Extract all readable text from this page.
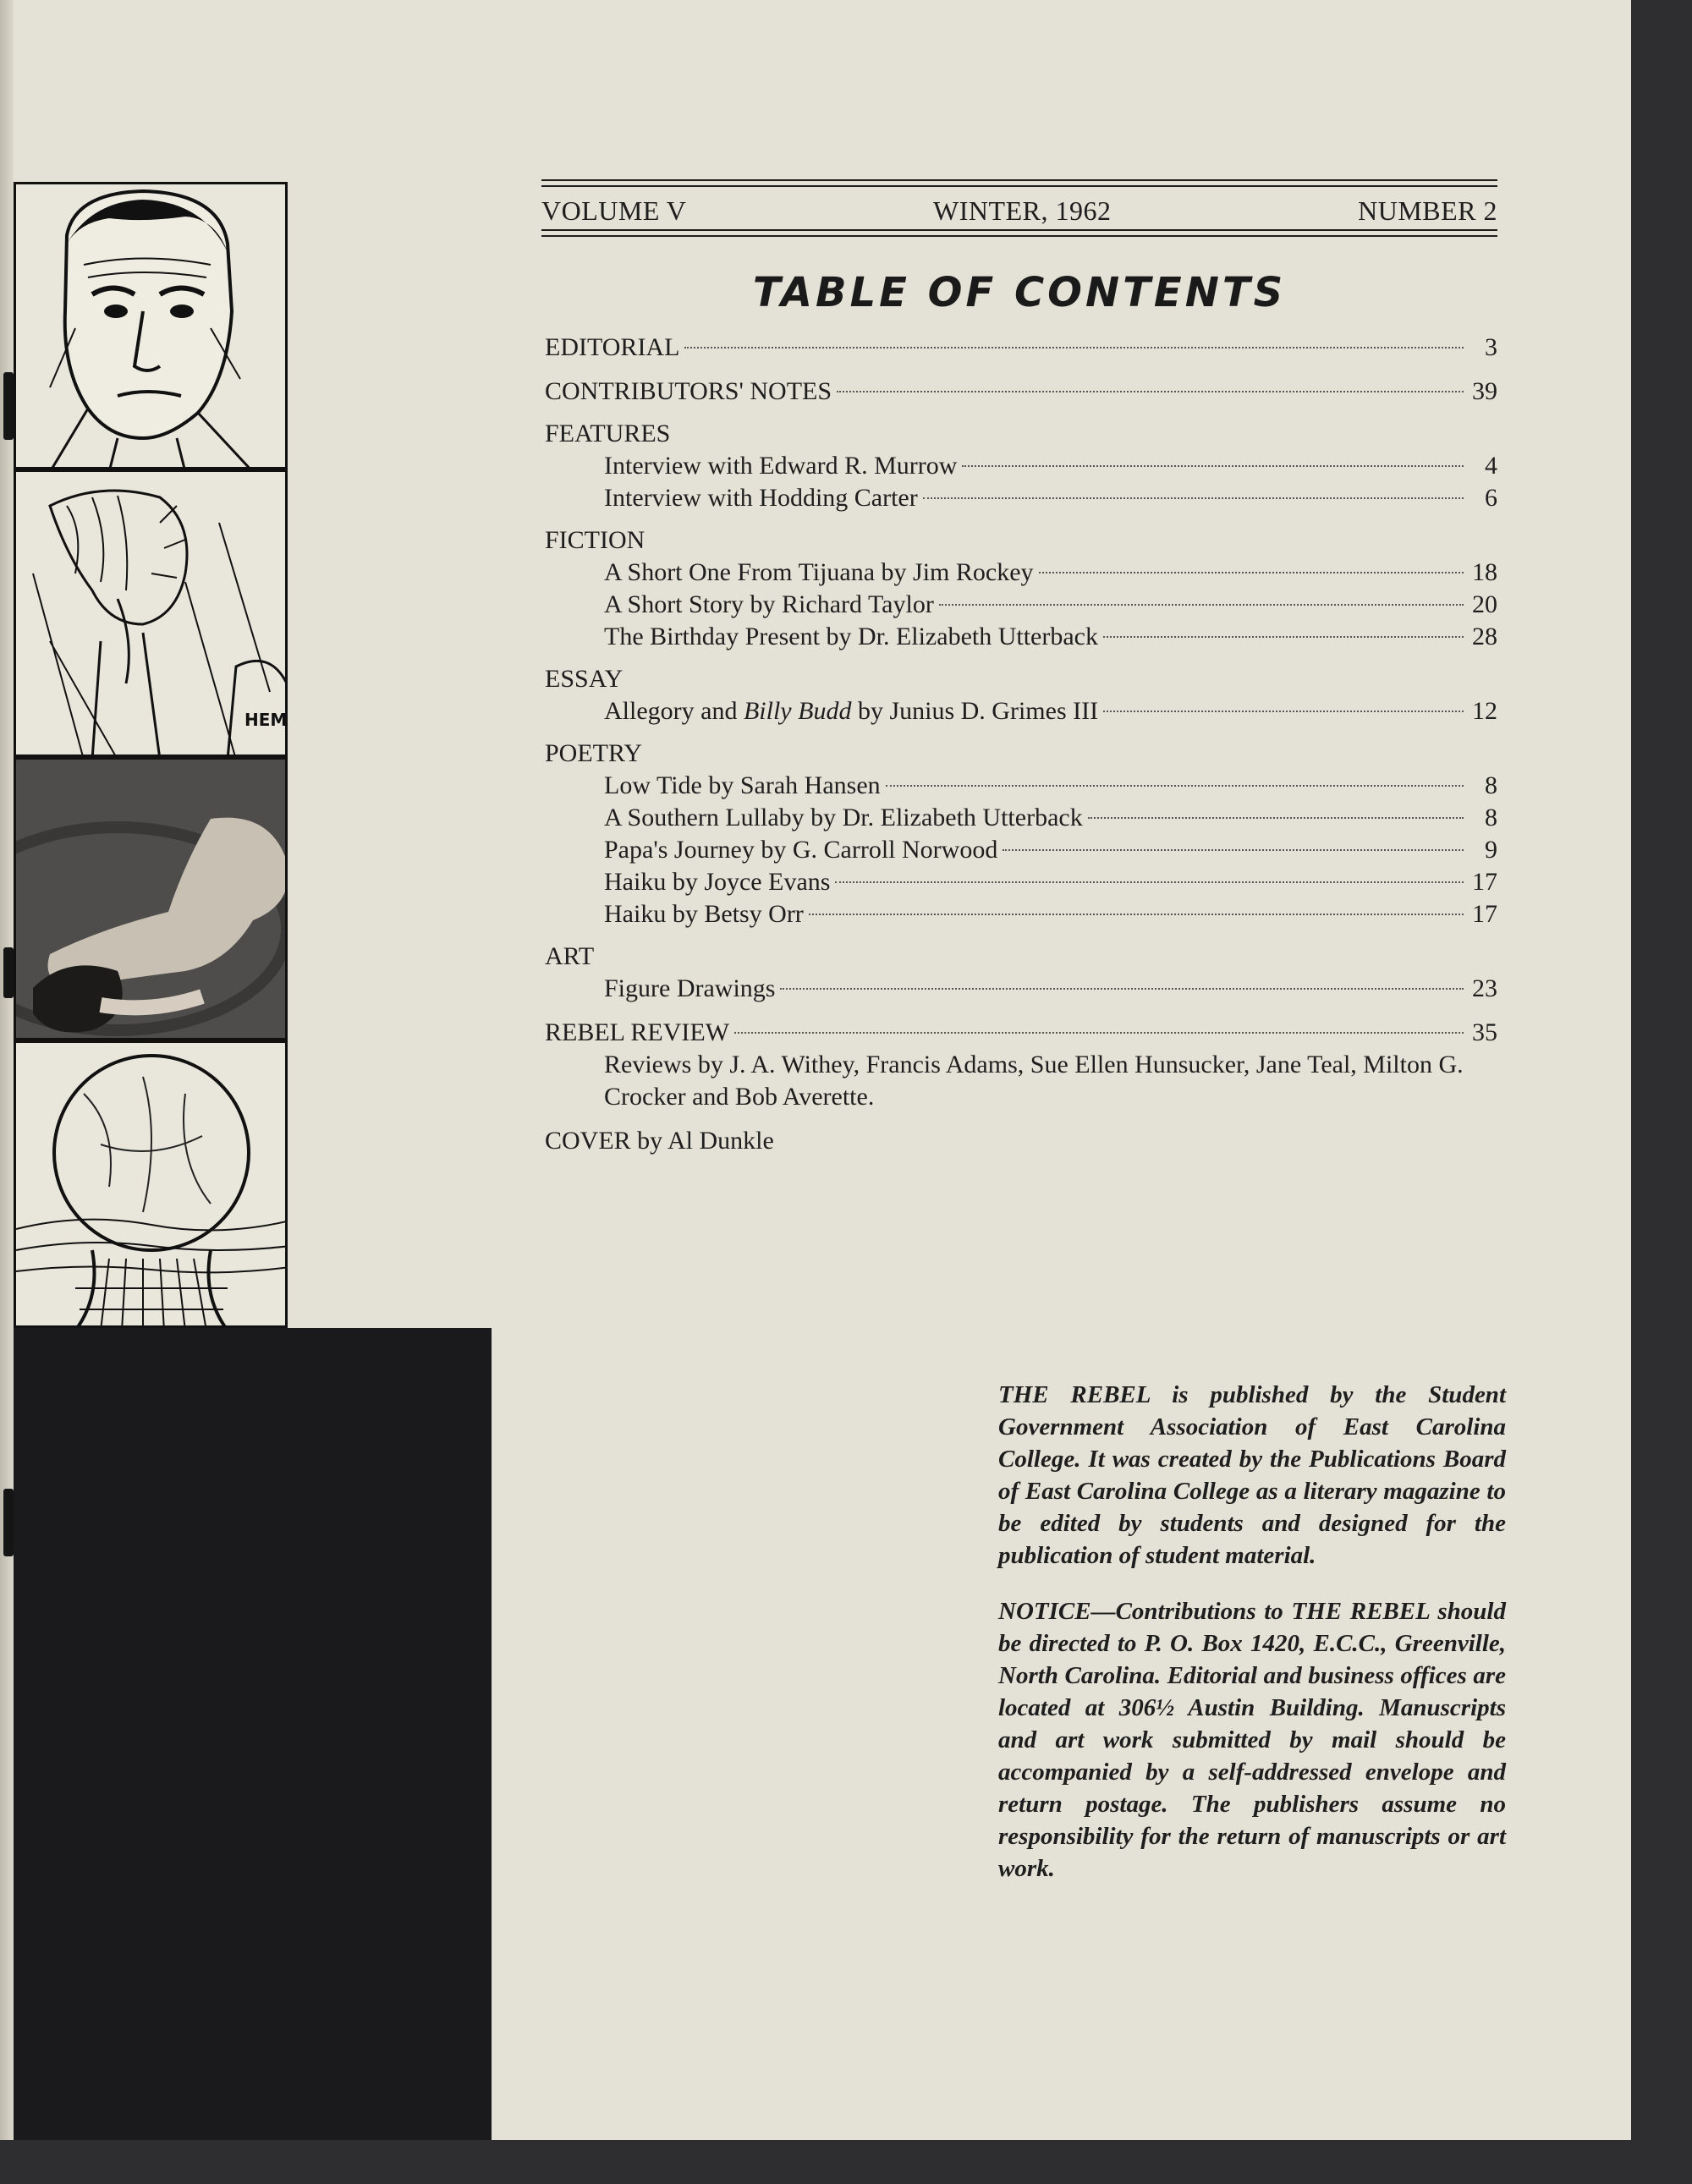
HEM
VOLUME V	WINTER, 1962	NUMBER 2
TABLE OF CONTENTS
EDITORIAL	3
CONTRIBUTORS' NOTES	39
FEATURES
Interview with Edward R. Murrow	4
Interview with Hodding Carter	6
FICTION
A Short One From Tijuana by Jim Rockey	18
A Short Story by Richard Taylor	20
The Birthday Present by Dr. Elizabeth Utterback	28
ESSAY
Allegory and Billy Budd by Junius D. Grimes III	12
POETRY
Low Tide by Sarah Hansen	8
A Southern Lullaby by Dr. Elizabeth Utterback	8
Papa's Journey by G. Carroll Norwood	9
Haiku by Joyce Evans	17
Haiku by Betsy Orr	17
ART
Figure Drawings	23
REBEL REVIEW	35
Reviews by J. A. Withey, Francis Adams, Sue Ellen Hunsucker, Jane Teal, Milton G. Crocker and Bob Averette.
COVER by Al Dunkle

THE REBEL is published by the Student Government Association of East Carolina College. It was created by the Publications Board of East Carolina College as a literary magazine to be edited by students and designed for the publication of student material.

NOTICE—Contributions to THE REBEL should be directed to P. O. Box 1420, E.C.C., Greenville, North Carolina. Editorial and business offices are located at 306½ Austin Building. Manuscripts and art work submitted by mail should be accompanied by a self-addressed envelope and return postage. The publishers assume no responsibility for the return of manuscripts or art work.
